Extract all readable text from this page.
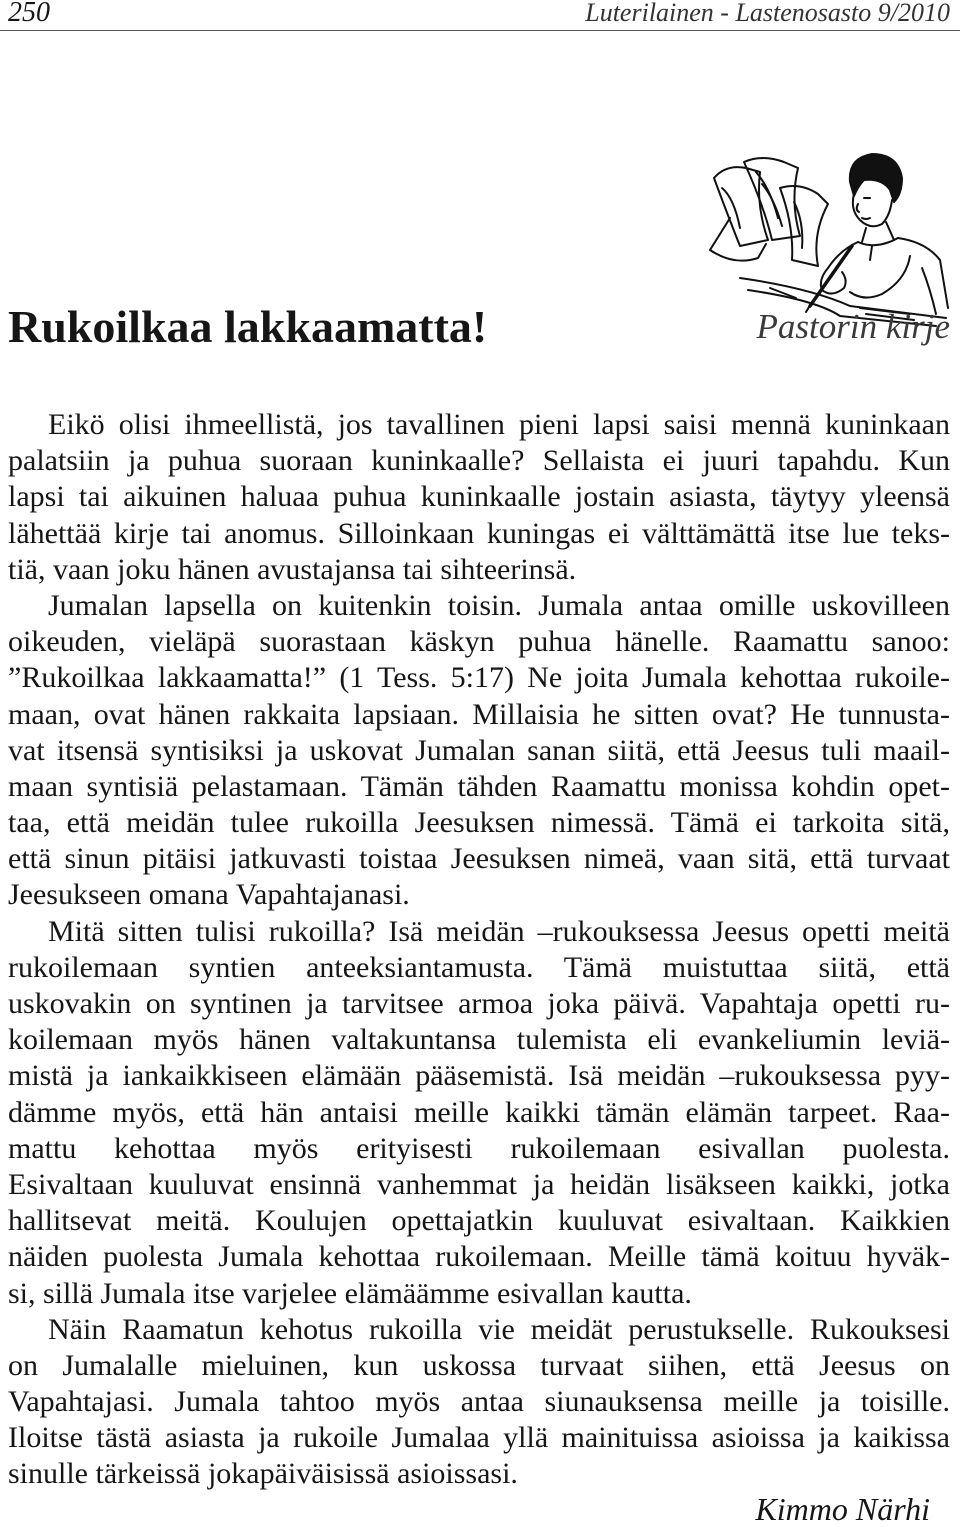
250	Luterilainen - Lastenosasto 9/2010
Rukoilkaa lakkaamatta!	Pastorin kirje
Eikö olisi ihmeellistä, jos tavallinen pieni lapsi saisi mennä kuninkaan
palatsiin ja puhua suoraan kuninkaalle? Sellaista ei juuri tapahdu. Kun
lapsi tai aikuinen haluaa puhua kuninkaalle jostain asiasta, täytyy yleensä
lähettää kirje tai anomus. Silloinkaan kuningas ei välttämättä itse lue teks-
tiä, vaan joku hänen avustajansa tai sihteerinsä.
Jumalan lapsella on kuitenkin toisin. Jumala antaa omille uskovilleen
oikeuden, vieläpä suorastaan käskyn puhua hänelle. Raamattu sanoo:
”Rukoilkaa lakkaamatta!” (1 Tess. 5:17) Ne joita Jumala kehottaa rukoile-
maan, ovat hänen rakkaita lapsiaan. Millaisia he sitten ovat? He tunnusta-
vat itsensä syntisiksi ja uskovat Jumalan sanan siitä, että Jeesus tuli maail-
maan syntisiä pelastamaan. Tämän tähden Raamattu monissa kohdin opet-
taa, että meidän tulee rukoilla Jeesuksen nimessä. Tämä ei tarkoita sitä,
että sinun pitäisi jatkuvasti toistaa Jeesuksen nimeä, vaan sitä, että turvaat
Jeesukseen omana Vapahtajanasi.
Mitä sitten tulisi rukoilla? Isä meidän –rukouksessa Jeesus opetti meitä
rukoilemaan syntien anteeksiantamusta. Tämä muistuttaa siitä, että
uskovakin on syntinen ja tarvitsee armoa joka päivä. Vapahtaja opetti ru-
koilemaan myös hänen valtakuntansa tulemista eli evankeliumin leviä-
mistä ja iankaikkiseen elämään pääsemistä. Isä meidän –rukouksessa pyy-
dämme myös, että hän antaisi meille kaikki tämän elämän tarpeet. Raa-
mattu kehottaa myös erityisesti rukoilemaan esivallan puolesta.
Esivaltaan kuuluvat ensinnä vanhemmat ja heidän lisäkseen kaikki, jotka
hallitsevat meitä. Koulujen opettajatkin kuuluvat esivaltaan. Kaikkien
näiden puolesta Jumala kehottaa rukoilemaan. Meille tämä koituu hyväk-
si, sillä Jumala itse varjelee elämäämme esivallan kautta.
Näin Raamatun kehotus rukoilla vie meidät perustukselle. Rukouksesi
on Jumalalle mieluinen, kun uskossa turvaat siihen, että Jeesus on
Vapahtajasi. Jumala tahtoo myös antaa siunauksensa meille ja toisille.
Iloitse tästä asiasta ja rukoile Jumalaa yllä mainituissa asioissa ja kaikissa
sinulle tärkeissä jokapäiväisissä asioissasi.
Kimmo Närhi
